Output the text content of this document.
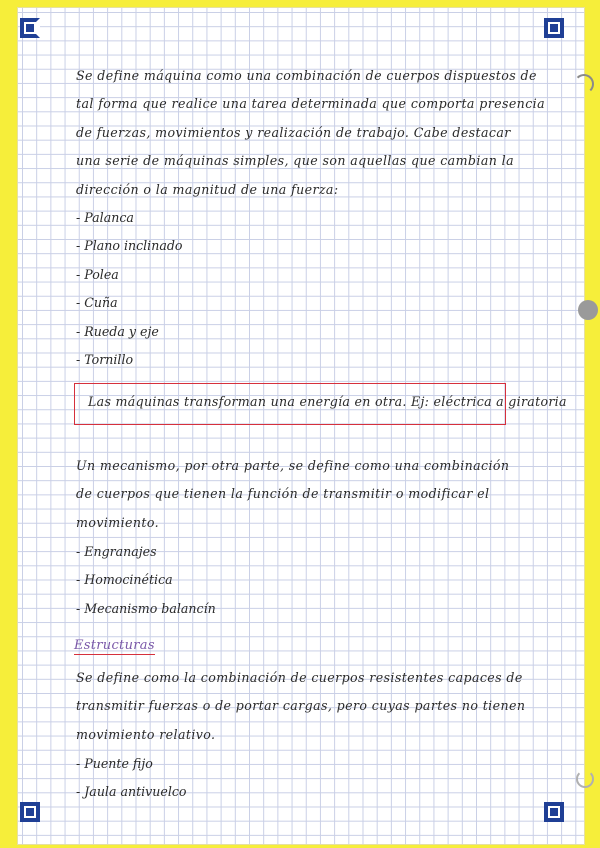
Se define máquina como una combinación de cuerpos dispuestos de
tal forma que realice una tarea determinada que comporta presencia
de fuerzas, movimientos y realización de trabajo. Cabe destacar
una serie de máquinas simples, que son aquellas que cambian la
dirección o la magnitud de una fuerza:
- Palanca
- Plano inclinado
- Polea
- Cuña
- Rueda y eje
- Tornillo
Las máquinas transforman una energía en otra. Ej: eléctrica a giratoria
Un mecanismo, por otra parte, se define como una combinación
de cuerpos que tienen la función de transmitir o modificar el
movimiento.
- Engranajes
- Homocinética
- Mecanismo balancín
Estructuras
Se define como la combinación de cuerpos resistentes capaces de
transmitir fuerzas o de portar cargas, pero cuyas partes no tienen
movimiento relativo.
- Puente fijo
- Jaula antivuelco
